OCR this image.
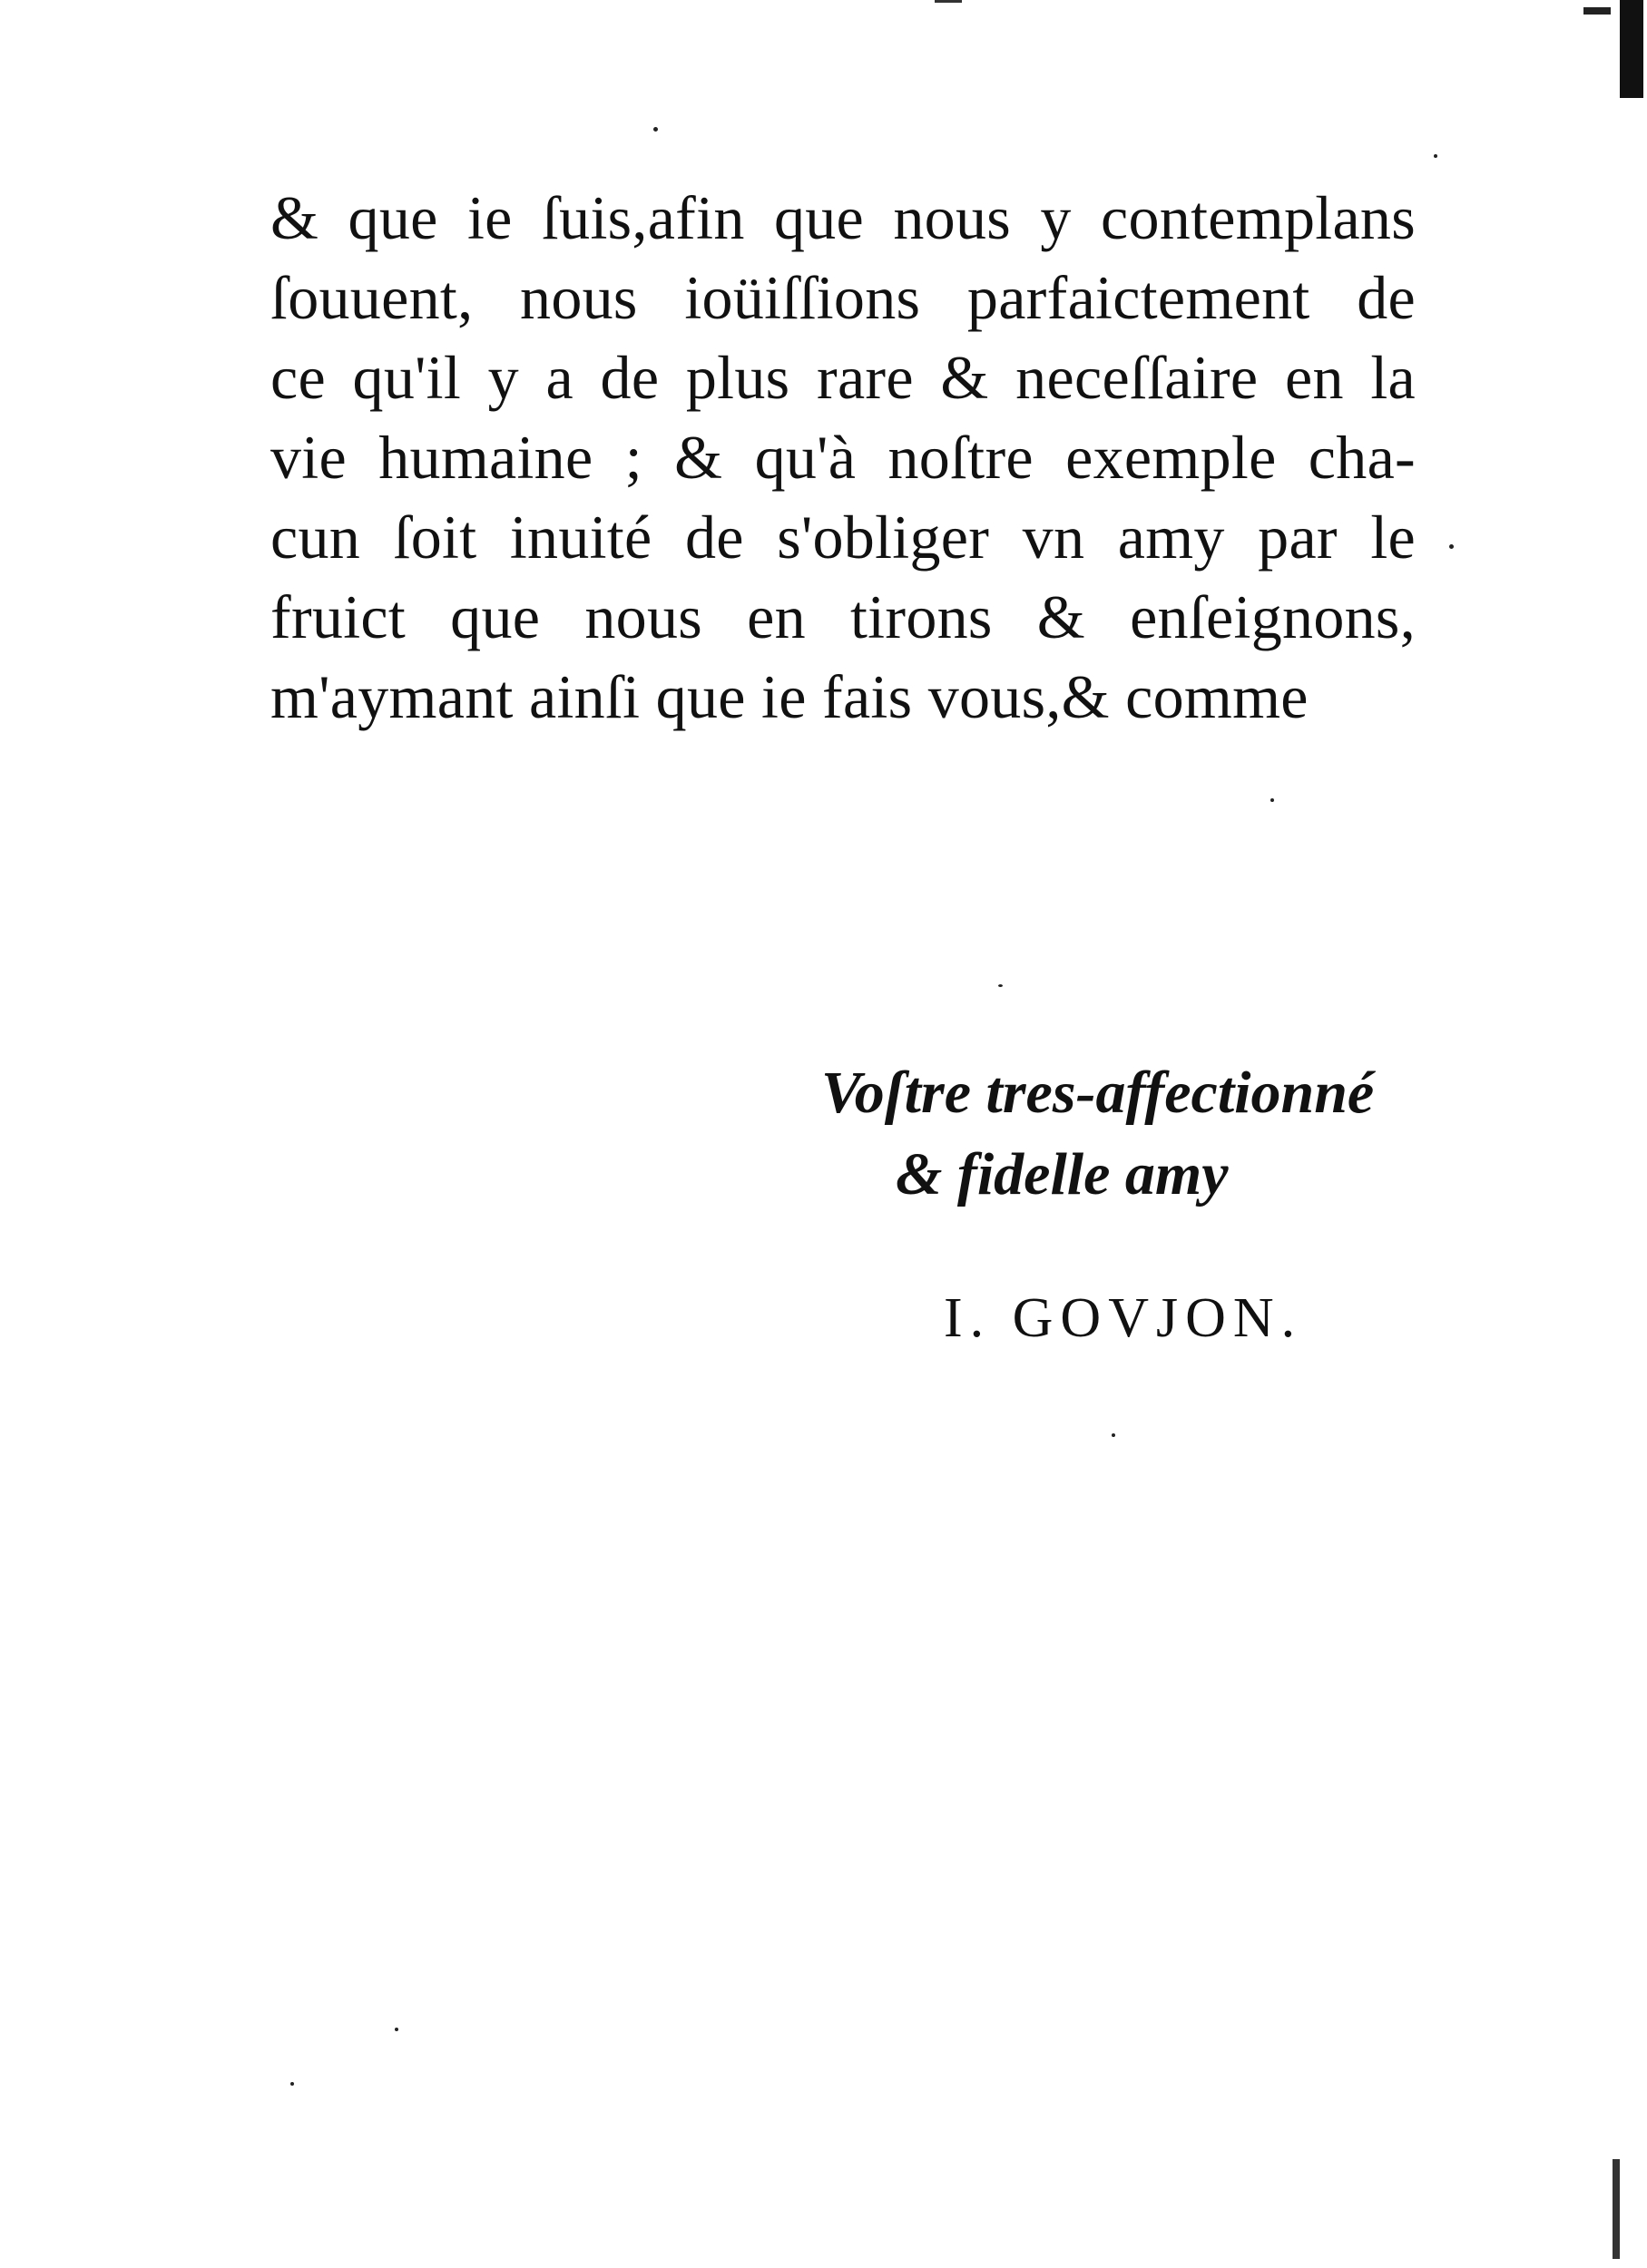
& que ie ſuis,afin que nous y contemplans
ſouuent, nous ioüiſſions parfaictement de
ce qu'il y a de plus rare & neceſſaire en la
vie humaine ; & qu'à noſtre exemple cha-
cun ſoit inuité de s'obliger vn amy par le
fruict que nous en tirons & enſeignons,
m'aymant ainſi que ie fais vous,& comme
Voſtre tres-affectionné
& fidelle amy
I. GOVJON.
